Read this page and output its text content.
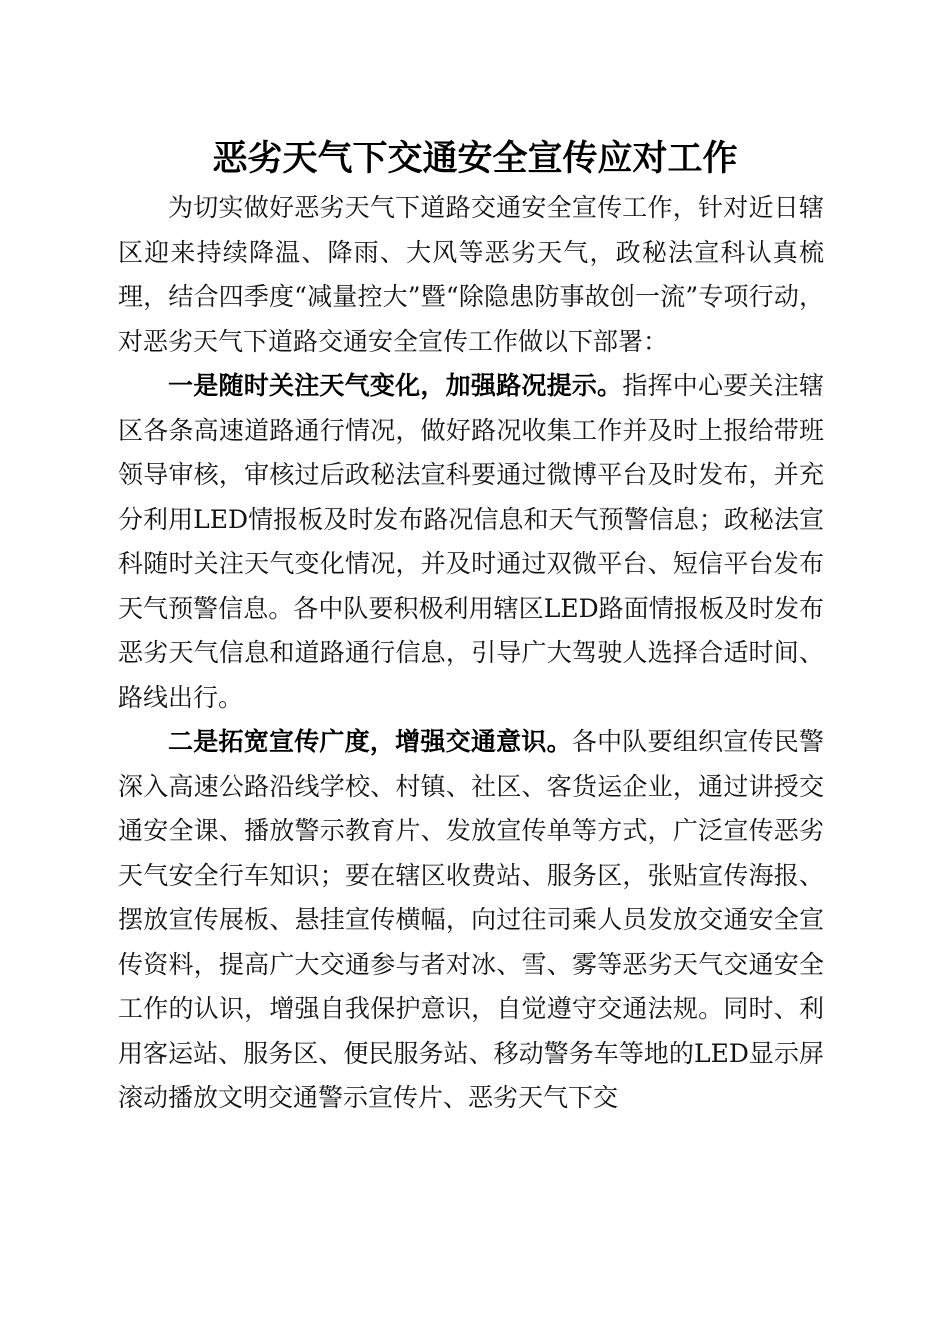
恶劣天气下交通安全宣传应对工作

为切实做好恶劣天气下道路交通安全宣传工作，针对近日辖区迎来持续降温、降雨、大风等恶劣天气，政秘法宣科认真梳理，结合四季度“减量控大”暨“除隐患防事故创一流”专项行动，对恶劣天气下道路交通安全宣传工作做以下部署：

一是随时关注天气变化，加强路况提示。指挥中心要关注辖区各条高速道路通行情况，做好路况收集工作并及时上报给带班领导审核，审核过后政秘法宣科要通过微博平台及时发布，并充分利用LED情报板及时发布路况信息和天气预警信息；政秘法宣科随时关注天气变化情况，并及时通过双微平台、短信平台发布天气预警信息。各中队要积极利用辖区LED路面情报板及时发布恶劣天气信息和道路通行信息，引导广大驾驶人选择合适时间、路线出行。

二是拓宽宣传广度，增强交通意识。各中队要组织宣传民警深入高速公路沿线学校、村镇、社区、客货运企业，通过讲授交通安全课、播放警示教育片、发放宣传单等方式，广泛宣传恶劣天气安全行车知识；要在辖区收费站、服务区，张贴宣传海报、摆放宣传展板、悬挂宣传横幅，向过往司乘人员发放交通安全宣传资料，提高广大交通参与者对冰、雪、雾等恶劣天气交通安全工作的认识，增强自我保护意识，自觉遵守交通法规。同时、利用客运站、服务区、便民服务站、移动警务车等地的LED显示屏滚动播放文明交通警示宣传片、恶劣天气下交
